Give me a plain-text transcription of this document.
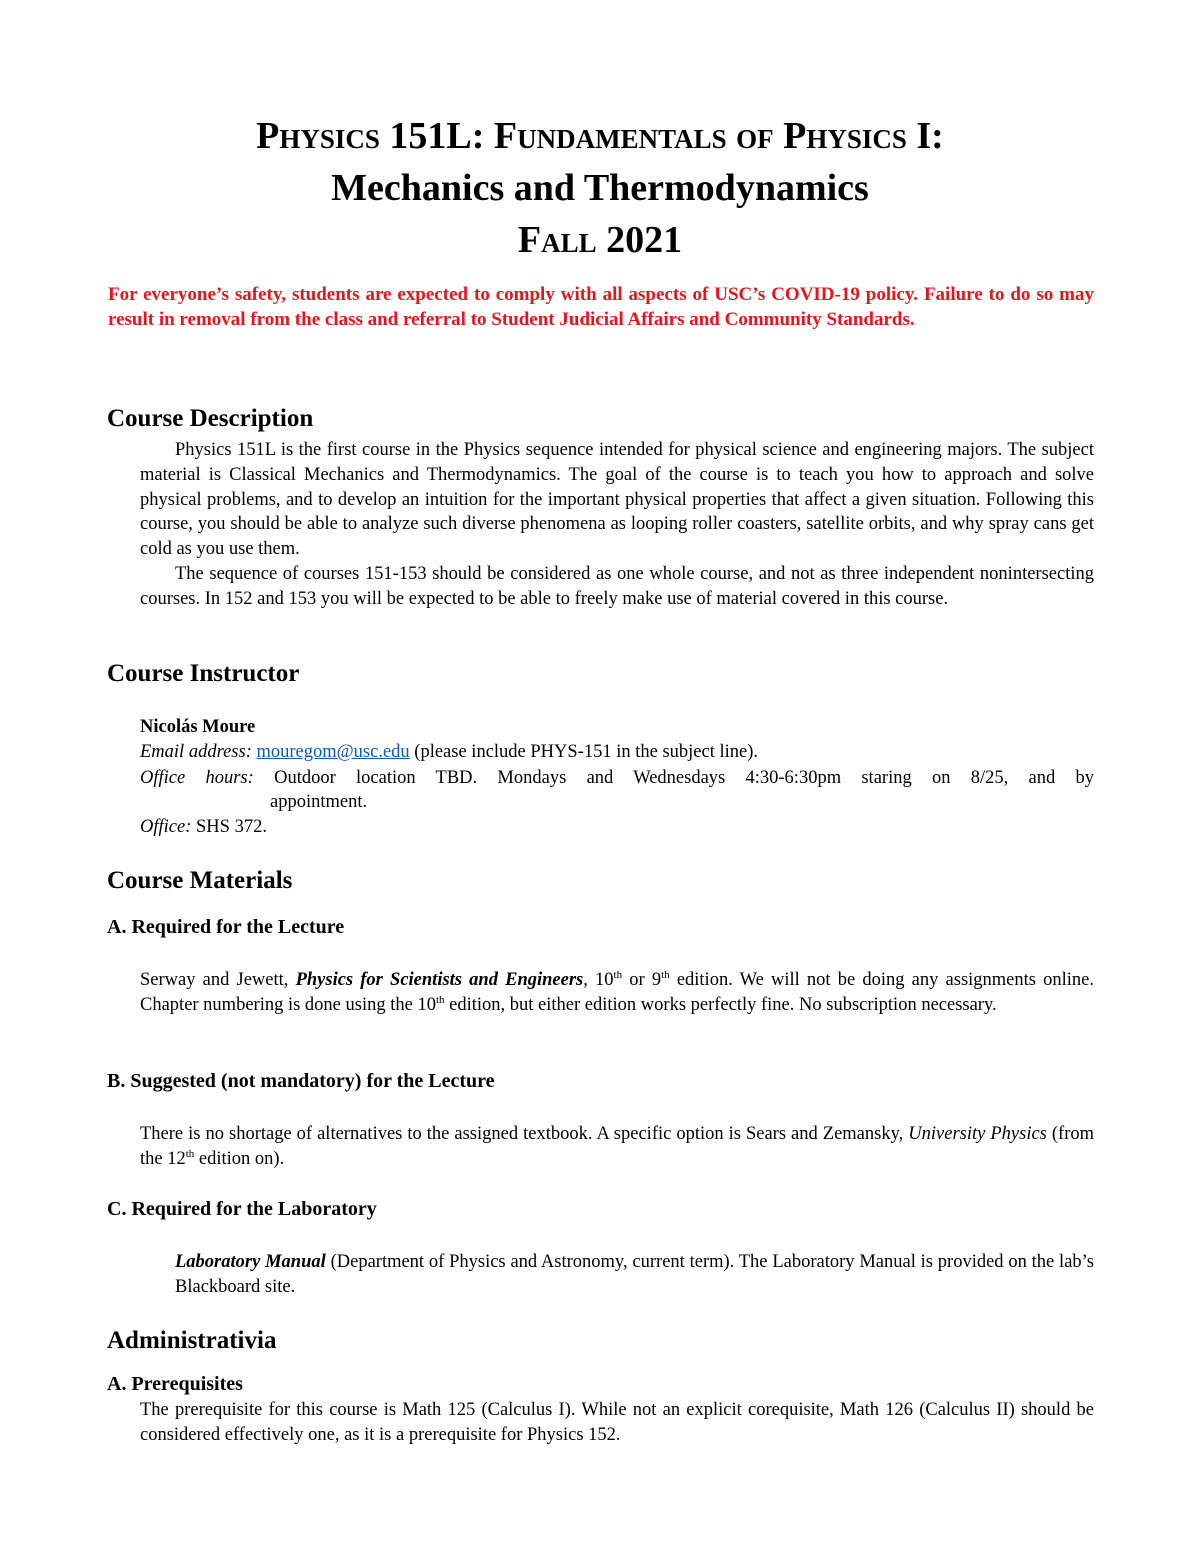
Physics 151L: Fundamentals of Physics I:
Mechanics and Thermodynamics
Fall 2021
For everyone’s safety, students are expected to comply with all aspects of USC’s COVID-19 policy. Failure to do so may result in removal from the class and referral to Student Judicial Affairs and Community Standards.
Course Description

Physics 151L is the first course in the Physics sequence intended for physical science and engineering majors. The subject material is Classical Mechanics and Thermodynamics. The goal of the course is to teach you how to approach and solve physical problems, and to develop an intuition for the important physical properties that affect a given situation. Following this course, you should be able to analyze such diverse phenomena as looping roller coasters, satellite orbits, and why spray cans get cold as you use them.

The sequence of courses 151-153 should be considered as one whole course, and not as three independent nonintersecting courses. In 152 and 153 you will be expected to be able to freely make use of material covered in this course.

Course Instructor
Nicolás Moure
Email address: mouregom@usc.edu (please include PHYS-151 in the subject line).
Office hours: Outdoor location TBD. Mondays and Wednesdays 4:30-6:30pm staring on 8/25, and by
appointment.
Office: SHS 372.
Course Materials
A. Required for the Lecture

Serway and Jewett, Physics for Scientists and Engineers, 10th or 9th edition. We will not be doing any assignments online. Chapter numbering is done using the 10th edition, but either edition works perfectly fine. No subscription necessary.

B. Suggested (not mandatory) for the Lecture

There is no shortage of alternatives to the assigned textbook. A specific option is Sears and Zemansky, University Physics (from the 12th edition on).

C. Required for the Laboratory

Laboratory Manual (Department of Physics and Astronomy, current term). The Laboratory Manual is provided on the lab’s Blackboard site.

Administrativia
A. Prerequisites

The prerequisite for this course is Math 125 (Calculus I). While not an explicit corequisite, Math 126 (Calculus II) should be considered effectively one, as it is a prerequisite for Physics 152.
